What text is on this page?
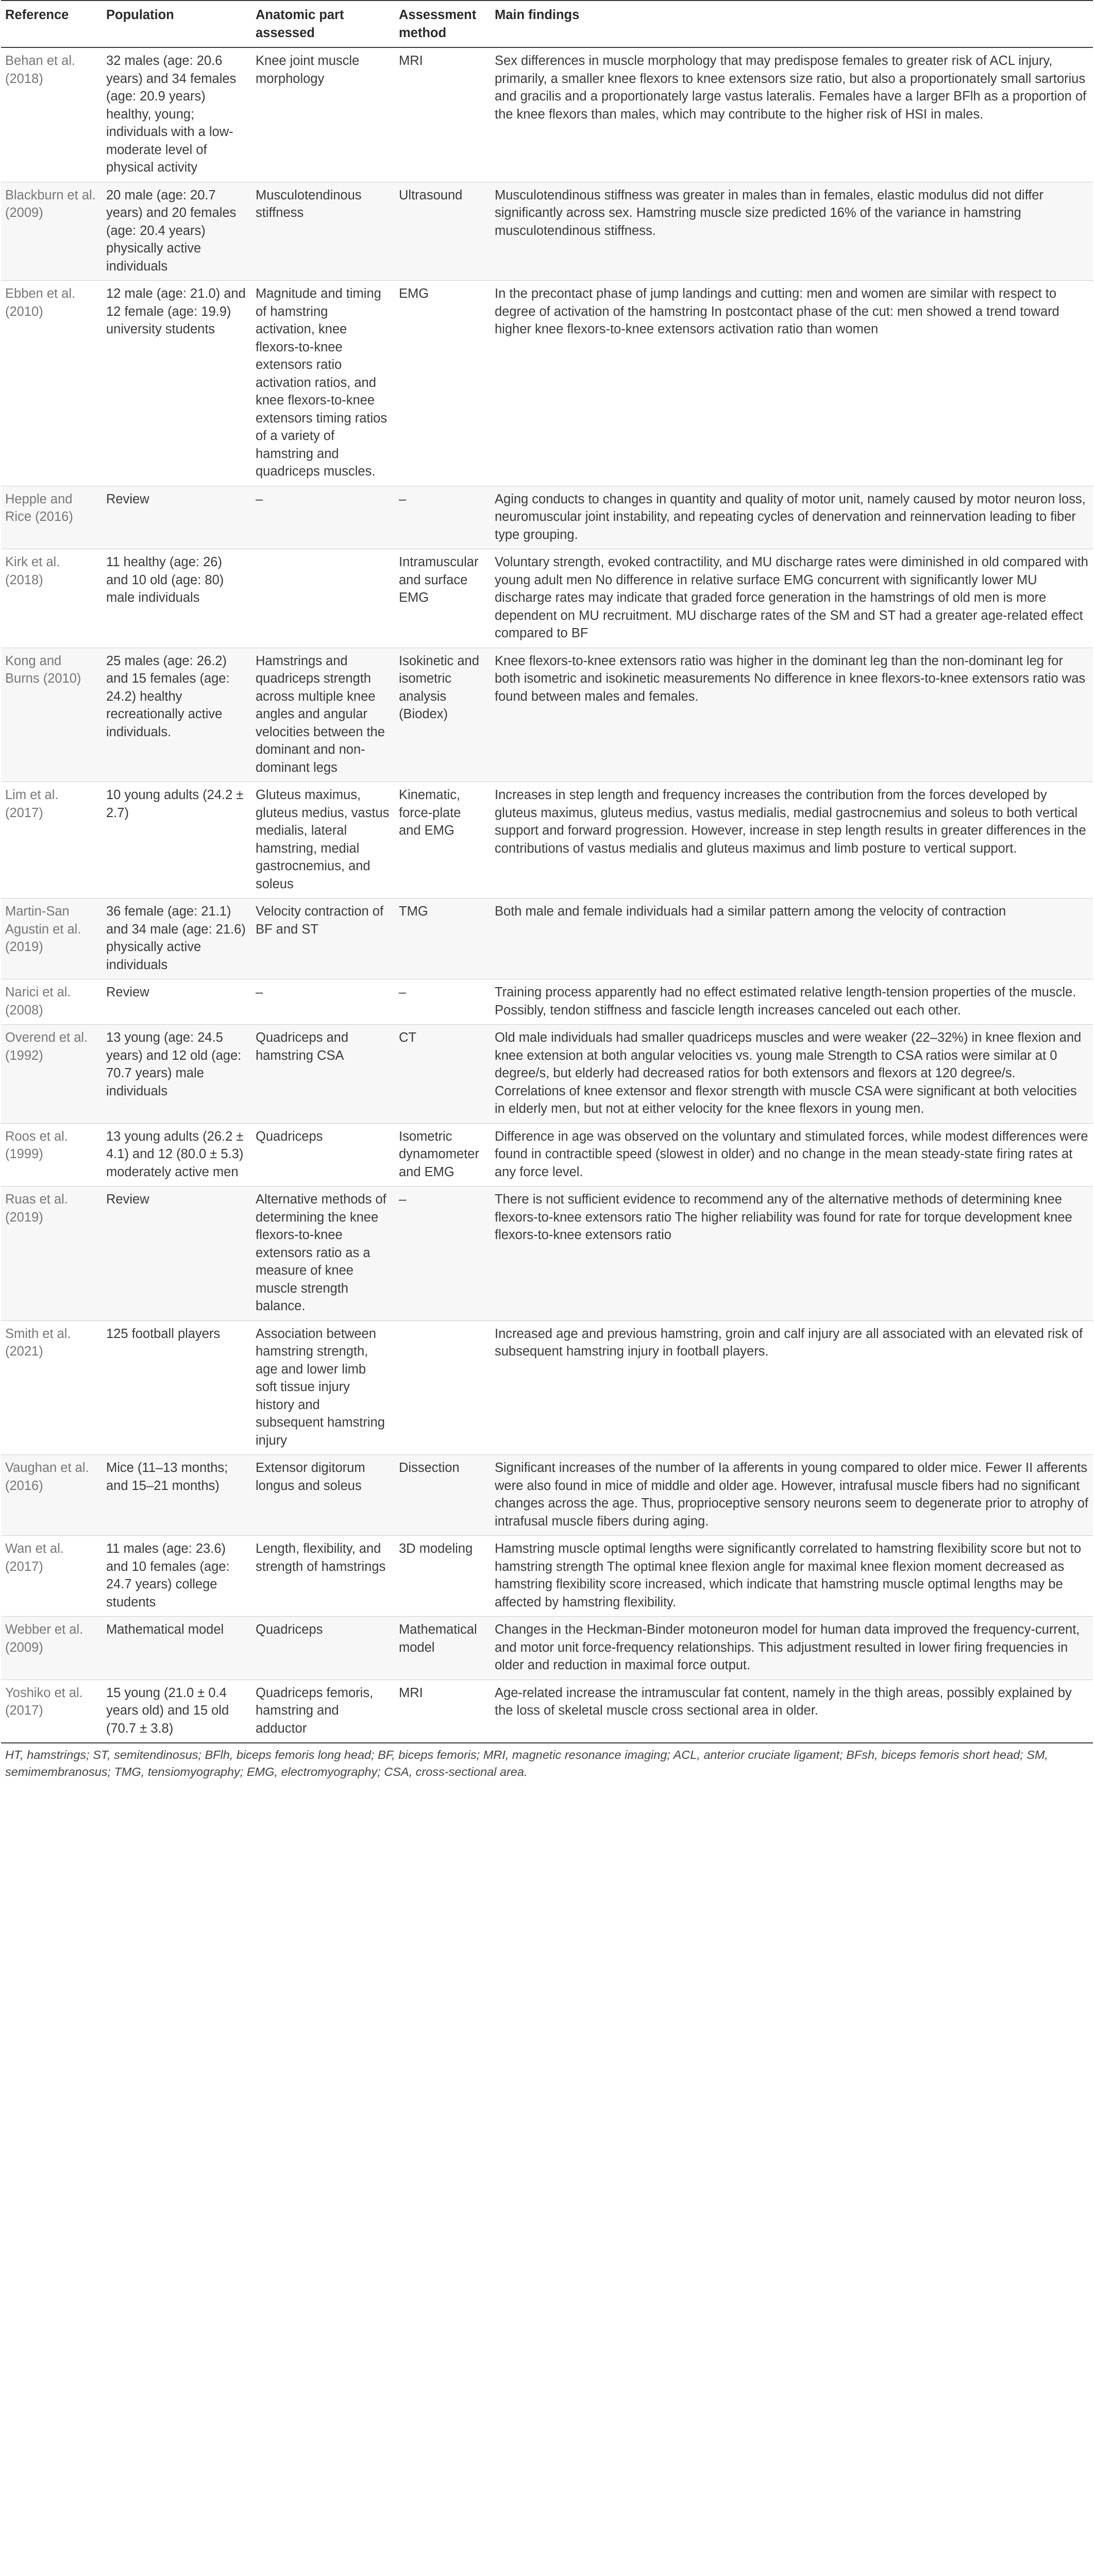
Reference	Population	Anatomic part assessed	Assessment method	Main findings
Behan et al. (2018)	32 males (age: 20.6 years) and 34 females (age: 20.9 years) healthy, young; individuals with a low-moderate level of physical activity	Knee joint muscle morphology	MRI	Sex differences in muscle morphology that may predispose females to greater risk of ACL injury, primarily, a smaller knee flexors to knee extensors size ratio, but also a proportionately small sartorius and gracilis and a proportionately large vastus lateralis. Females have a larger BFlh as a proportion of the knee flexors than males, which may contribute to the higher risk of HSI in males.
Blackburn et al. (2009)	20 male (age: 20.7 years) and 20 females (age: 20.4 years) physically active individuals	Musculotendinous stiffness	Ultrasound	Musculotendinous stiffness was greater in males than in females, elastic modulus did not differ significantly across sex. Hamstring muscle size predicted 16% of the variance in hamstring musculotendinous stiffness.
Ebben et al. (2010)	12 male (age: 21.0) and 12 female (age: 19.9) university students	Magnitude and timing of hamstring activation, knee flexors-to-knee extensors ratio activation ratios, and knee flexors-to-knee extensors timing ratios of a variety of hamstring and quadriceps muscles.	EMG	In the precontact phase of jump landings and cutting: men and women are similar with respect to degree of activation of the hamstring In postcontact phase of the cut: men showed a trend toward higher knee flexors-to-knee extensors activation ratio than women
Hepple and Rice (2016)	Review	–	–	Aging conducts to changes in quantity and quality of motor unit, namely caused by motor neuron loss, neuromuscular joint instability, and repeating cycles of denervation and reinnervation leading to fiber type grouping.
Kirk et al. (2018)	11 healthy (age: 26) and 10 old (age: 80) male individuals		Intramuscular and surface EMG	Voluntary strength, evoked contractility, and MU discharge rates were diminished in old compared with young adult men No difference in relative surface EMG concurrent with significantly lower MU discharge rates may indicate that graded force generation in the hamstrings of old men is more dependent on MU recruitment. MU discharge rates of the SM and ST had a greater age-related effect compared to BF
Kong and Burns (2010)	25 males (age: 26.2) and 15 females (age: 24.2) healthy recreationally active individuals.	Hamstrings and quadriceps strength across multiple knee angles and angular velocities between the dominant and non-dominant legs	Isokinetic and isometric analysis (Biodex)	Knee flexors-to-knee extensors ratio was higher in the dominant leg than the non-dominant leg for both isometric and isokinetic measurements No difference in knee flexors-to-knee extensors ratio was found between males and females.
Lim et al. (2017)	10 young adults (24.2 ± 2.7)	Gluteus maximus, gluteus medius, vastus medialis, lateral hamstring, medial gastrocnemius, and soleus	Kinematic, force-plate and EMG	Increases in step length and frequency increases the contribution from the forces developed by gluteus maximus, gluteus medius, vastus medialis, medial gastrocnemius and soleus to both vertical support and forward progression. However, increase in step length results in greater differences in the contributions of vastus medialis and gluteus maximus and limb posture to vertical support.
Martin-San Agustin et al. (2019)	36 female (age: 21.1) and 34 male (age: 21.6) physically active individuals	Velocity contraction of BF and ST	TMG	Both male and female individuals had a similar pattern among the velocity of contraction
Narici et al. (2008)	Review	–	–	Training process apparently had no effect estimated relative length-tension properties of the muscle. Possibly, tendon stiffness and fascicle length increases canceled out each other.
Overend et al. (1992)	13 young (age: 24.5 years) and 12 old (age: 70.7 years) male individuals	Quadriceps and hamstring CSA	CT	Old male individuals had smaller quadriceps muscles and were weaker (22–32%) in knee flexion and knee extension at both angular velocities vs. young male Strength to CSA ratios were similar at 0 degree/s, but elderly had decreased ratios for both extensors and flexors at 120 degree/s. Correlations of knee extensor and flexor strength with muscle CSA were significant at both velocities in elderly men, but not at either velocity for the knee flexors in young men.
Roos et al. (1999)	13 young adults (26.2 ± 4.1) and 12 (80.0 ± 5.3) moderately active men	Quadriceps	Isometric dynamometer and EMG	Difference in age was observed on the voluntary and stimulated forces, while modest differences were found in contractible speed (slowest in older) and no change in the mean steady-state firing rates at any force level.
Ruas et al. (2019)	Review	Alternative methods of determining the knee flexors-to-knee extensors ratio as a measure of knee muscle strength balance.	–	There is not sufficient evidence to recommend any of the alternative methods of determining knee flexors-to-knee extensors ratio The higher reliability was found for rate for torque development knee flexors-to-knee extensors ratio
Smith et al. (2021)	125 football players	Association between hamstring strength, age and lower limb soft tissue injury history and subsequent hamstring injury		Increased age and previous hamstring, groin and calf injury are all associated with an elevated risk of subsequent hamstring injury in football players.
Vaughan et al. (2016)	Mice (11–13 months; and 15–21 months)	Extensor digitorum longus and soleus	Dissection	Significant increases of the number of Ia afferents in young compared to older mice. Fewer II afferents were also found in mice of middle and older age. However, intrafusal muscle fibers had no significant changes across the age. Thus, proprioceptive sensory neurons seem to degenerate prior to atrophy of intrafusal muscle fibers during aging.
Wan et al. (2017)	11 males (age: 23.6) and 10 females (age: 24.7 years) college students	Length, flexibility, and strength of hamstrings	3D modeling	Hamstring muscle optimal lengths were significantly correlated to hamstring flexibility score but not to hamstring strength The optimal knee flexion angle for maximal knee flexion moment decreased as hamstring flexibility score increased, which indicate that hamstring muscle optimal lengths may be affected by hamstring flexibility.
Webber et al. (2009)	Mathematical model	Quadriceps	Mathematical model	Changes in the Heckman-Binder motoneuron model for human data improved the frequency-current, and motor unit force-frequency relationships. This adjustment resulted in lower firing frequencies in older and reduction in maximal force output.
Yoshiko et al. (2017)	15 young (21.0 ± 0.4 years old) and 15 old (70.7 ± 3.8)	Quadriceps femoris, hamstring and adductor	MRI	Age-related increase the intramuscular fat content, namely in the thigh areas, possibly explained by the loss of skeletal muscle cross sectional area in older.
HT, hamstrings; ST, semitendinosus; BFlh, biceps femoris long head; BF, biceps femoris; MRI, magnetic resonance imaging; ACL, anterior cruciate ligament; BFsh, biceps femoris short head; SM, semimembranosus; TMG, tensiomyography; EMG, electromyography; CSA, cross-sectional area.
